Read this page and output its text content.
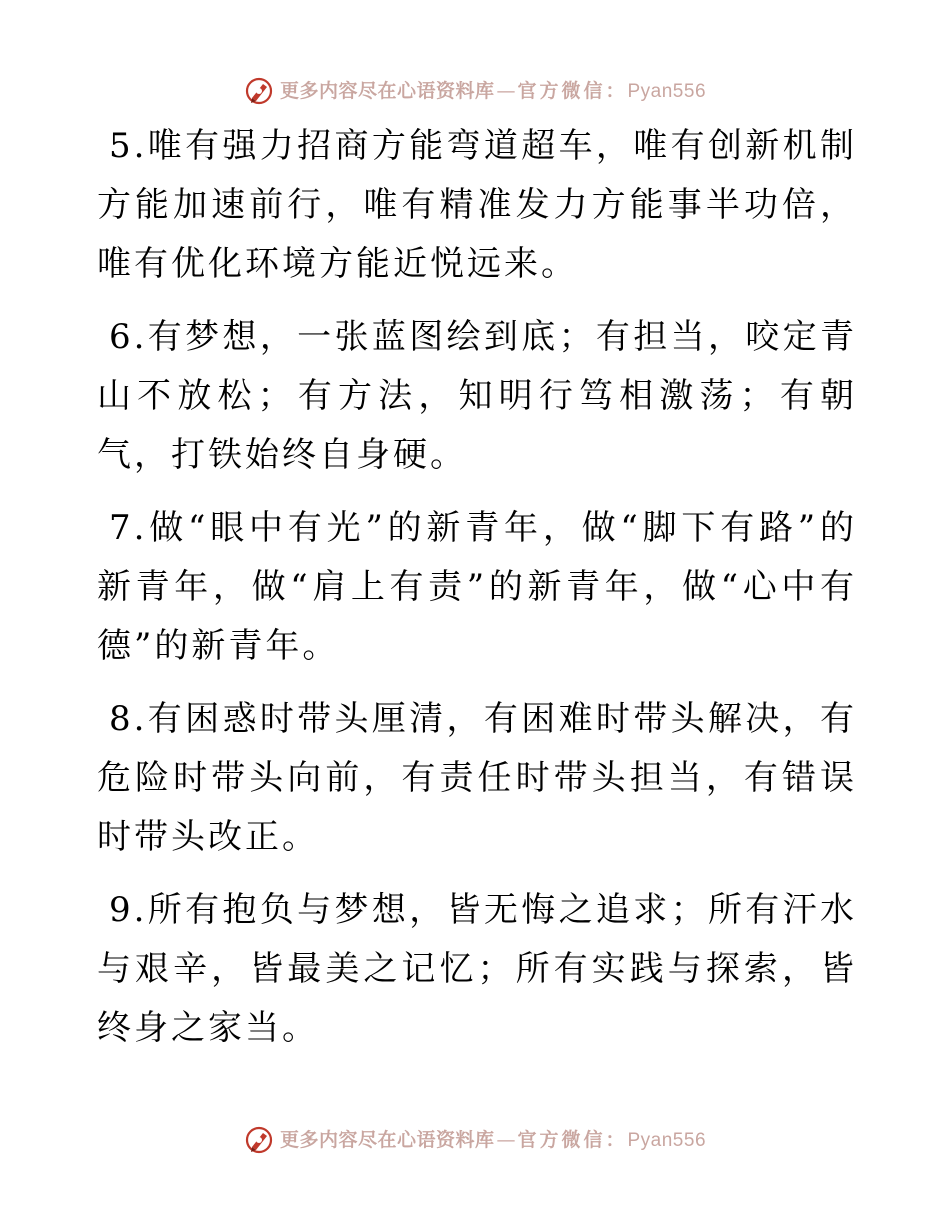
更多内容尽在心语资料库 — 官方微信： Pyan556

5.唯有强力招商方能弯道超车，唯有创新机制方能加速前行，唯有精准发力方能事半功倍，唯有优化环境方能近悦远来。

6.有梦想，一张蓝图绘到底；有担当，咬定青山不放松；有方法，知明行笃相激荡；有朝气，打铁始终自身硬。

7.做“眼中有光”的新青年，做“脚下有路”的新青年，做“肩上有责”的新青年，做“心中有德”的新青年。

8.有困惑时带头厘清，有困难时带头解决，有危险时带头向前，有责任时带头担当，有错误时带头改正。

9.所有抱负与梦想，皆无悔之追求；所有汗水与艰辛，皆最美之记忆；所有实践与探索，皆终身之家当。

更多内容尽在心语资料库 — 官方微信： Pyan556
